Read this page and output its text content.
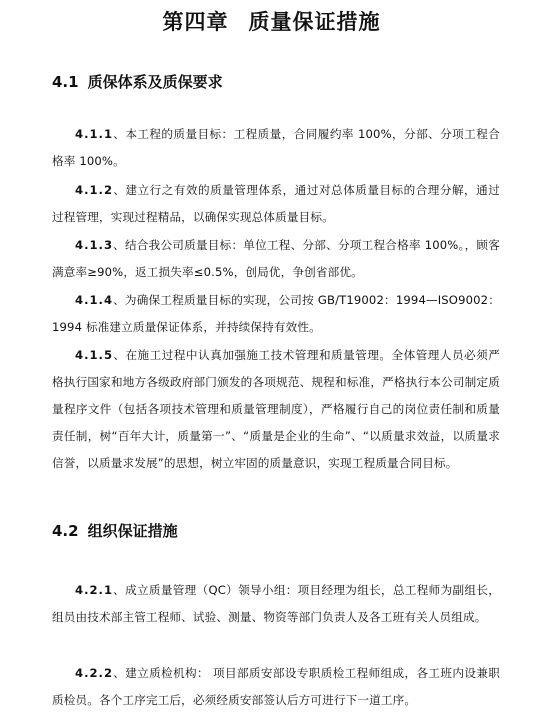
第四章 质量保证措施
4.1 质保体系及质保要求
4.1.1、本工程的质量目标：工程质量，合同履约率 100%，分部、分项工程合格率 100%。
4.1.2、建立行之有效的质量管理体系，通过对总体质量目标的合理分解，通过过程管理，实现过程精品，以确保实现总体质量目标。
4.1.3、结合我公司质量目标：单位工程、分部、分项工程合格率 100%。，顾客满意率≥90%，返工损失率≤0.5%，创局优，争创省部优。
4.1.4、为确保工程质量目标的实现，公司按 GB/T19002：1994—ISO9002：1994 标准建立质量保证体系，并持续保持有效性。
4.1.5、在施工过程中认真加强施工技术管理和质量管理。全体管理人员必须严格执行国家和地方各级政府部门颁发的各项规范、规程和标准，严格执行本公司制定质量程序文件（包括各项技术管理和质量管理制度），严格履行自己的岗位责任制和质量责任制，树“百年大计，质量第一”、“质量是企业的生命”、“以质量求效益，以质量求信誉，以质量求发展”的思想，树立牢固的质量意识，实现工程质量合同目标。
4.2 组织保证措施
4.2.1、成立质量管理（QC）领导小组：项目经理为组长，总工程师为副组长，组员由技术部主管工程师、试验、测量、物资等部门负责人及各工班有关人员组成。
4.2.2、建立质检机构： 项目部质安部设专职质检工程师组成，各工班内设兼职质检员。各个工序完工后，必须经质安部签认后方可进行下一道工序。
